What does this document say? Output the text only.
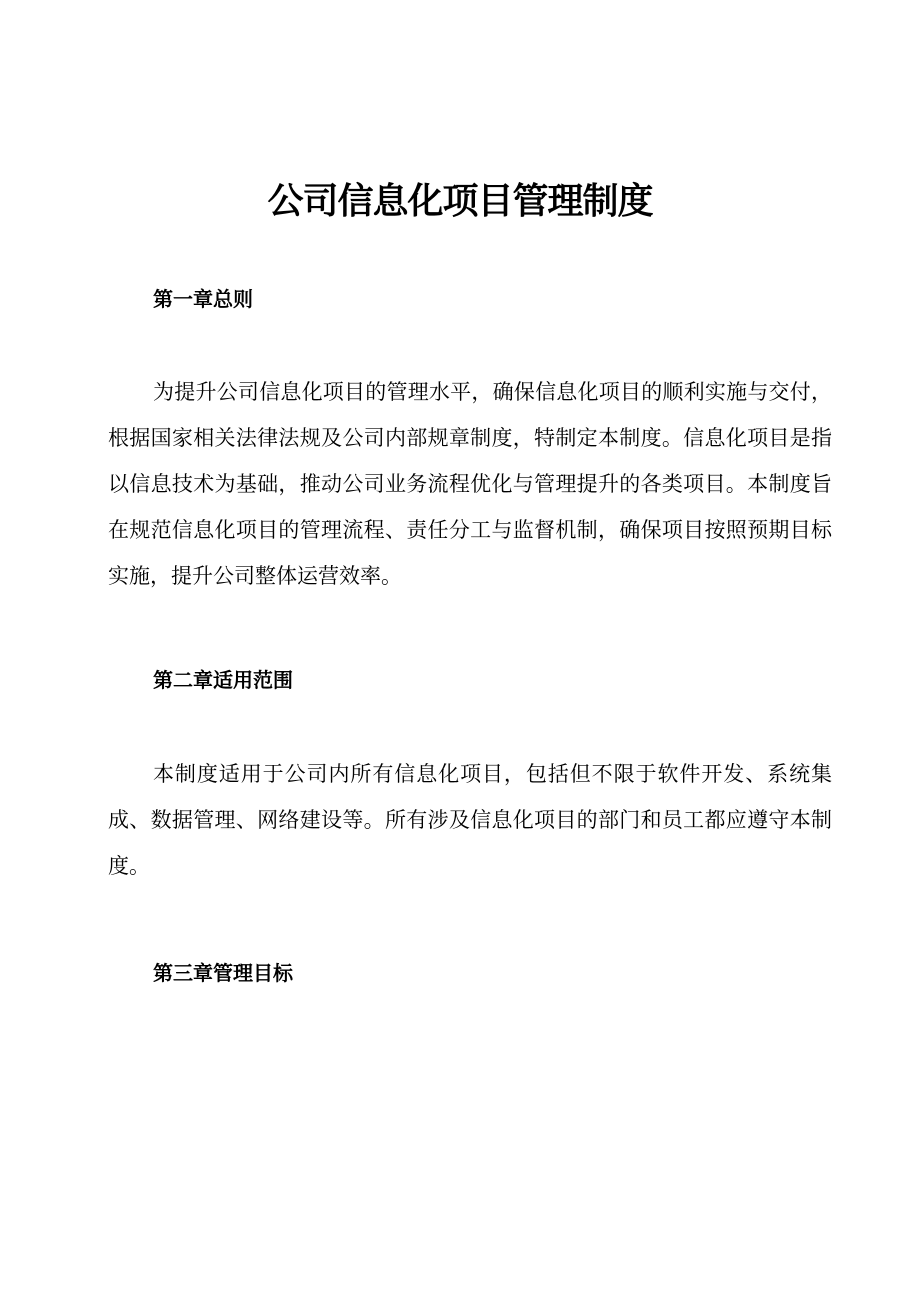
公司信息化项目管理制度
第一章总则

为提升公司信息化项目的管理水平，确保信息化项目的顺利实施与交付，根据国家相关法律法规及公司内部规章制度，特制定本制度。信息化项目是指以信息技术为基础，推动公司业务流程优化与管理提升的各类项目。本制度旨在规范信息化项目的管理流程、责任分工与监督机制，确保项目按照预期目标实施，提升公司整体运营效率。

第二章适用范围

本制度适用于公司内所有信息化项目，包括但不限于软件开发、系统集成、数据管理、网络建设等。所有涉及信息化项目的部门和员工都应遵守本制度。

第三章管理目标
